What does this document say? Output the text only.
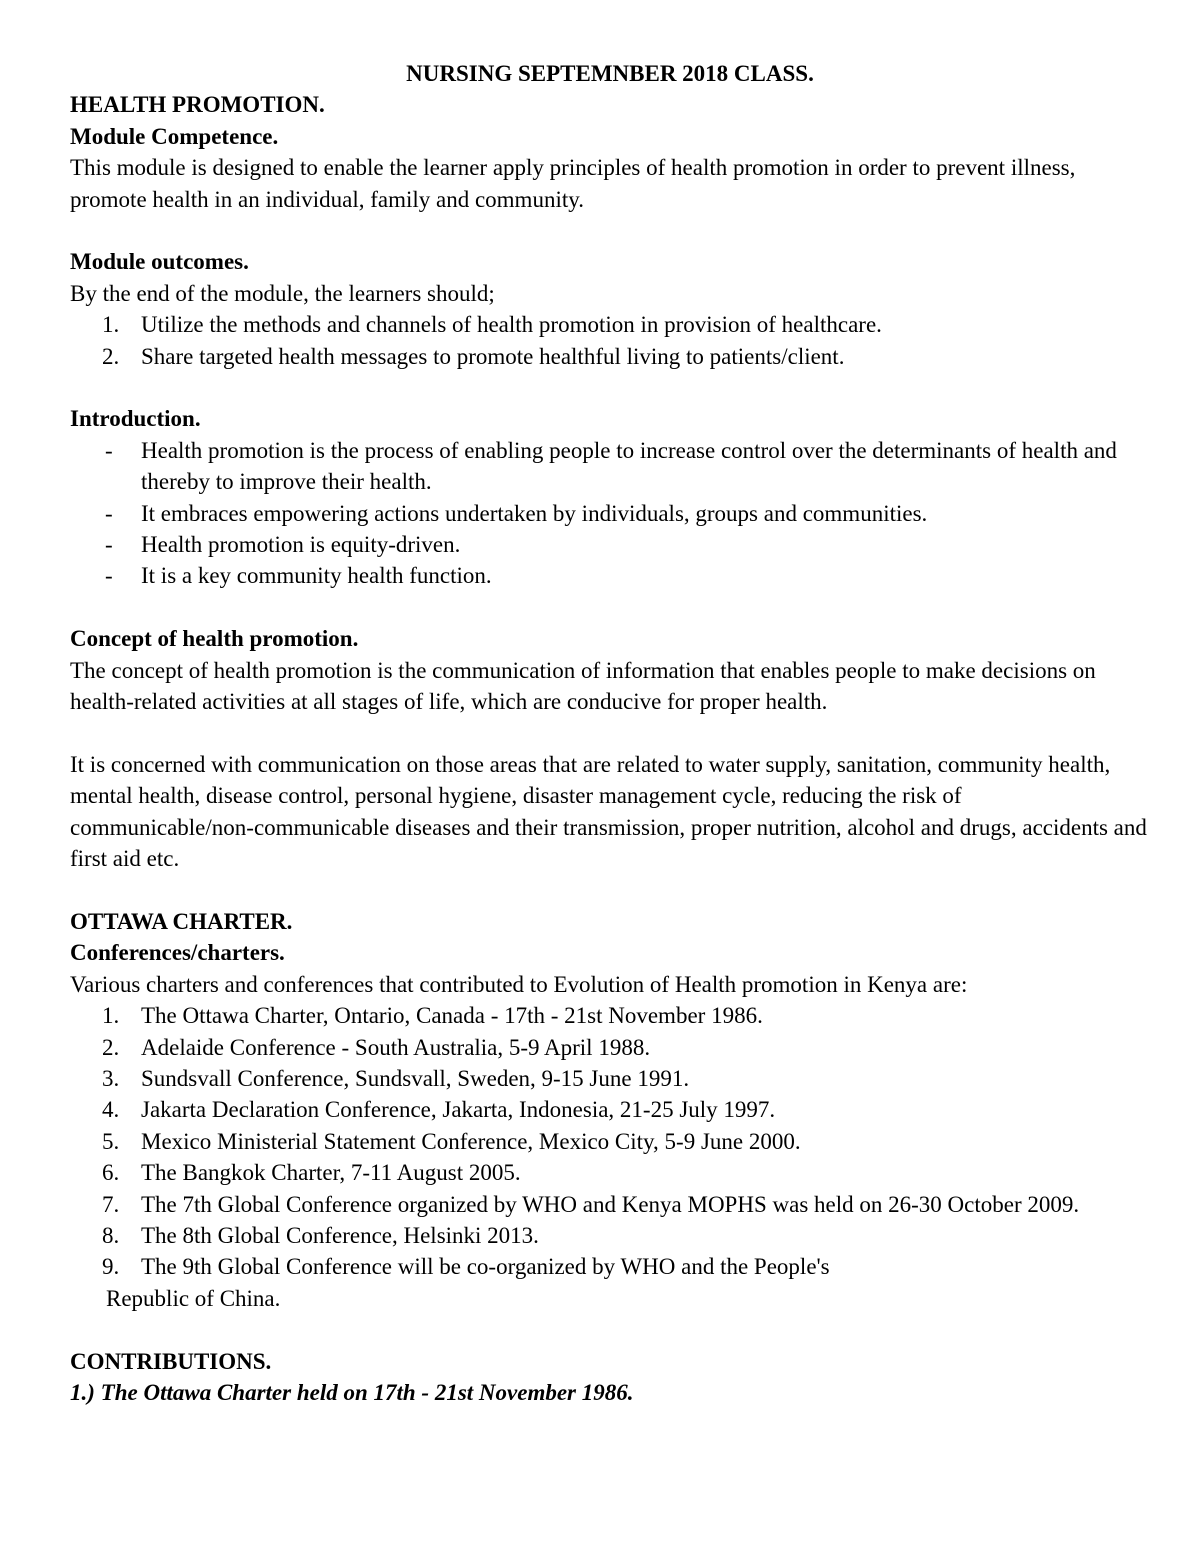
NURSING SEPTEMNBER 2018 CLASS.

HEALTH PROMOTION.

Module Competence.

This module is designed to enable the learner apply principles of health promotion in order to prevent illness, promote health in an individual, family and community.

Module outcomes.

By the end of the module, the learners should;

1. Utilize the methods and channels of health promotion in provision of healthcare.
2. Share targeted health messages to promote healthful living to patients/client.

Introduction.

-	Health promotion is the process of enabling people to increase control over the determinants of health and thereby to improve their health.
-	It embraces empowering actions undertaken by individuals, groups and communities.
-	Health promotion is equity-driven.
-	It is a key community health function.

Concept of health promotion.

The concept of health promotion is the communication of information that enables people to make decisions on health-related activities at all stages of life, which are conducive for proper health.

It is concerned with communication on those areas that are related to water supply, sanitation, community health, mental health, disease control, personal hygiene, disaster management cycle, reducing the risk of communicable/non-communicable diseases and their transmission, proper nutrition, alcohol and drugs, accidents and first aid etc.

OTTAWA CHARTER.

Conferences/charters.

Various charters and conferences that contributed to Evolution of Health promotion in Kenya are:

1. The Ottawa Charter, Ontario, Canada - 17th - 21st November 1986.
2. Adelaide Conference - South Australia, 5-9 April 1988.
3. Sundsvall Conference, Sundsvall, Sweden, 9-15 June 1991.
4. Jakarta Declaration Conference, Jakarta, Indonesia, 21-25 July 1997.
5. Mexico Ministerial Statement Conference, Mexico City, 5-9 June 2000.
6. The Bangkok Charter, 7-11 August 2005.
7. The 7th Global Conference organized by WHO and Kenya MOPHS was held on 26-30 October 2009.
8. The 8th Global Conference, Helsinki 2013.
9. The 9th Global Conference will be co-organized by WHO and the People's

Republic of China.

CONTRIBUTIONS.

1.) The Ottawa Charter held on 17th - 21st November 1986.
